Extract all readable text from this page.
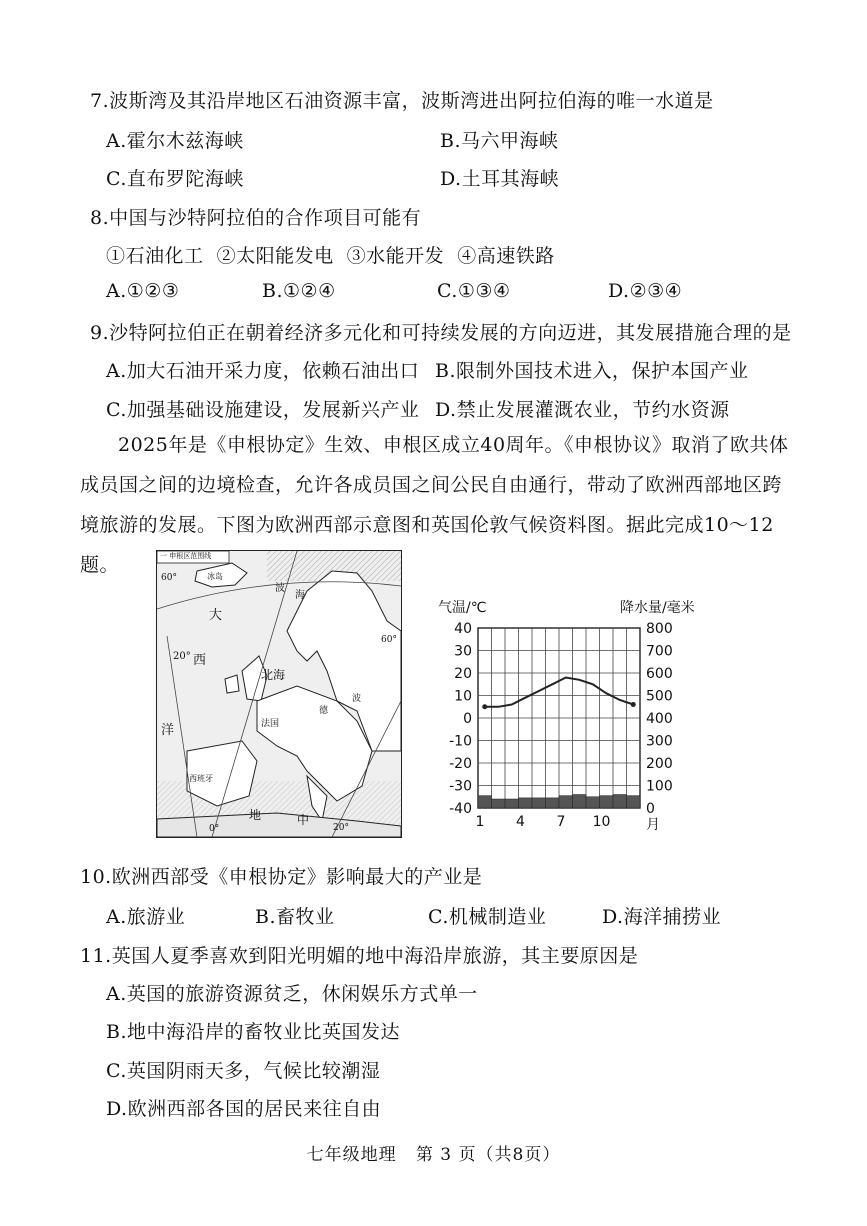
7.波斯湾及其沿岸地区石油资源丰富，波斯湾进出阿拉伯海的唯一水道是
A.霍尔木兹海峡	B.马六甲海峡
C.直布罗陀海峡	D.土耳其海峡
8.中国与沙特阿拉伯的合作项目可能有
①石油化工  ②太阳能发电  ③水能开发  ④高速铁路
A.①②③	B.①②④	C.①③④	D.②③④
9.沙特阿拉伯正在朝着经济多元化和可持续发展的方向迈进，其发展措施合理的是
A.加大石油开采力度，依赖石油出口 B.限制外国技术进入，保护本国产业
C.加强基础设施建设，发展新兴产业 D.禁止发展灌溉农业，节约水资源
2025年是《申根协定》生效、申根区成立40周年。《申根协议》取消了欧共体成员国之间的边境检查，允许各成员国之间公民自由通行，带动了欧洲西部地区跨境旅游的发展。下图为欧洲西部示意图和英国伦敦气候资料图。据此完成10～12题。	一 申根区范围线
60°
60°
20° 西
大
洋
北海
冰岛
波
海
法国
德
波
西班牙
地	中
0°	20°
40
30
20
10
0
-10
-20
-30
-40
800
700
600
500
400
300
200
100
0
1 4 7 10
气温/℃	降水量/毫米
月
10.欧洲西部受《申根协定》影响最大的产业是
A.旅游业	B.畜牧业	C.机械制造业	D.海洋捕捞业
11.英国人夏季喜欢到阳光明媚的地中海沿岸旅游，其主要原因是
A.英国的旅游资源贫乏，休闲娱乐方式单一
B.地中海沿岸的畜牧业比英国发达
C.英国阴雨天多，气候比较潮湿
D.欧洲西部各国的居民来往自由
七年级地理   第 3 页（共8页）
